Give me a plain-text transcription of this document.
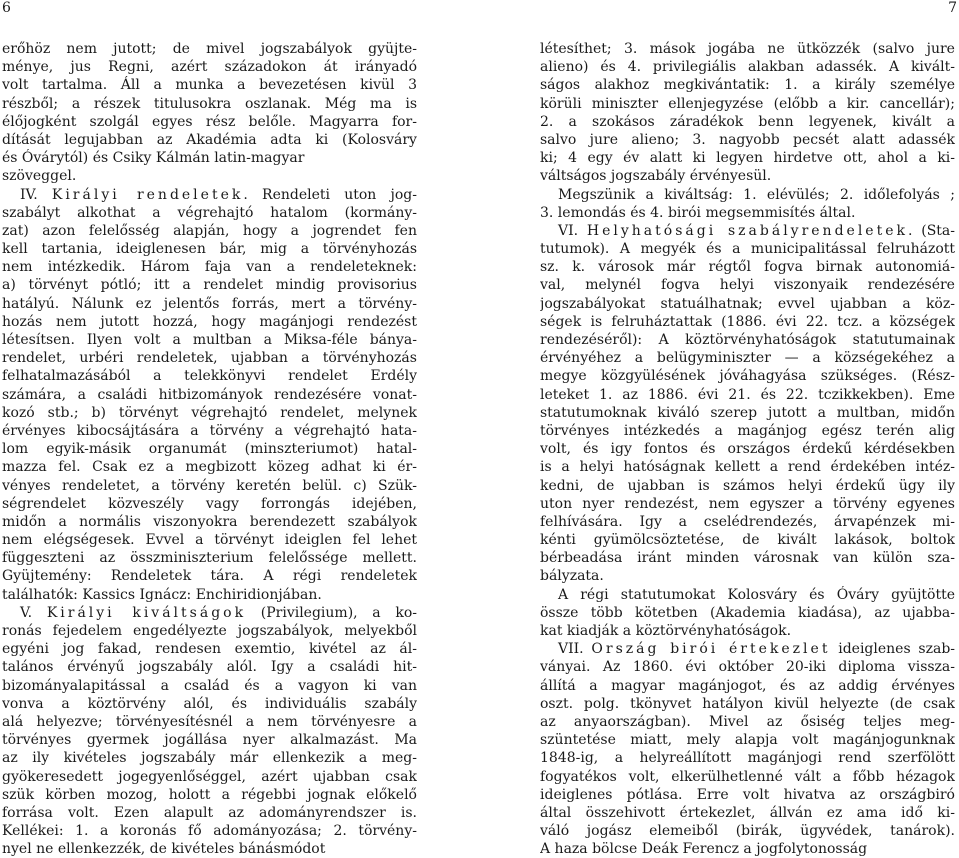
6	7
erőhöz nem jutott; de mivel jogszabályok gyüjte-
ménye, jus Regni, azért századokon át irányadó
volt tartalma. Áll a munka a bevezetésen kivül 3
részből; a részek titulusokra oszlanak. Még ma is
élőjogként szolgál egyes rész belőle. Magyarra for-
dítását legujabban az Akadémia adta ki (Kolosváry
és Óvárytól) és Csiky Kálmán latin-magyar
szöveggel.
IV. Királyi rendeletek. Rendeleti uton jog-
szabályt alkothat a végrehajtó hatalom (kormány-
zat) azon felelősség alapján, hogy a jogrendet fen
kell tartania, ideiglenesen bár, mig a törvényhozás
nem intézkedik. Három faja van a rendeleteknek:
a) törvényt pótló; itt a rendelet mindig provisorius
hatályú. Nálunk ez jelentős forrás, mert a törvény-
hozás nem jutott hozzá, hogy magánjogi rendezést
létesítsen. Ilyen volt a multban a Miksa-féle bánya-
rendelet, urbéri rendeletek, ujabban a törvényhozás
felhatalmazásából a telekkönyvi rendelet Erdély
számára, a családi hitbizományok rendezésére vonat-
kozó stb.; b) törvényt végrehajtó rendelet, melynek
érvényes kibocsájtására a törvény a végrehajtó hata-
lom egyik-másik organumát (minszteriumot) hatal-
mazza fel. Csak ez a megbizott közeg adhat ki ér-
vényes rendeletet, a törvény keretén belül. c) Szük-
ségrendelet közveszély vagy forrongás idejében,
midőn a normális viszonyokra berendezett szabályok
nem elégségesek. Evvel a törvényt ideiglen fel lehet
függeszteni az összminiszterium felelőssége mellett.
Gyüjtemény: Rendeletek tára. A régi rendeletek
találhatók: Kassics Ignácz: Enchiridionjában.
V. Királyi kiváltságok (Privilegium), a ko-
ronás fejedelem engedélyezte jogszabályok, melyekből
egyéni jog fakad, rendesen exemtio, kivétel az ál-
talános érvényű jogszabály alól. Igy a családi hit-
bizományalapitással a család és a vagyon ki van
vonva a köztörvény alól, és individuális szabály
alá helyezve; törvényesítésnél a nem törvényesre a
törvényes gyermek jogállása nyer alkalmazást. Ma
az ily kivételes jogszabály már ellenkezik a meg-
gyökeresedett jogegyenlőséggel, azért ujabban csak
szük körben mozog, holott a régebbi jognak előkelő
forrása volt. Ezen alapult az adományrendszer is.
Kellékei: 1. a koronás fő adományozása; 2. törvény-
nyel ne ellenkezzék, de kivételes bánásmódot
létesíthet; 3. mások jogába ne ütközzék (salvo jure
alieno) és 4. privilegiális alakban adassék. A kivált-
ságos alakhoz megkivántatik: 1. a király személye
körüli miniszter ellenjegyzése (előbb a kir. cancellár);
2. a szokásos záradékok benn legyenek, kivált a
salvo jure alieno; 3. nagyobb pecsét alatt adassék
ki; 4 egy év alatt ki legyen hirdetve ott, ahol a ki-
váltságos jogszabály érvényesül.
Megszünik a kiváltság: 1. elévülés; 2. időlefolyás ;
3. lemondás és 4. birói megsemmisítés által.
VI. Helyhatósági szabályrendeletek. (Sta-
tutumok). A megyék és a municipalitással felruházott
sz. k. városok már régtől fogva birnak autonomiá-
val, melynél fogva helyi viszonyaik rendezésére
jogszabályokat statuálhatnak; evvel ujabban a köz-
ségek is felruháztattak (1886. évi 22. tcz. a községek
rendezéséről): A köztörvényhatóságok statutumainak
érvényéhez a belügyminiszter — a községekéhez a
megye közgyülésének jóváhagyása szükséges. (Rész-
leteket 1. az 1886. évi 21. és 22. tczikkekben). Eme
statutumoknak kiváló szerep jutott a multban, midőn
törvényes intézkedés a magánjog egész terén alig
volt, és igy fontos és országos érdekű kérdésekben
is a helyi hatóságnak kellett a rend érdekében intéz-
kedni, de ujabban is számos helyi érdekű ügy ily
uton nyer rendezést, nem egyszer a törvény egyenes
felhívására. Igy a cselédrendezés, árvapénzek mi-
kénti gyümölcsöztetése, de kivált lakások, boltok
bérbeadása iránt minden városnak van külön sza-
bályzata.
A régi statutumokat Kolosváry és Óváry gyüjtötte
össze több kötetben (Akademia kiadása), az ujabba-
kat kiadják a köztörvényhatóságok.
VII. Ország birói értekezlet ideiglenes szab-
ványai. Az 1860. évi október 20-iki diploma vissza-
állítá a magyar magánjogot, és az addig érvényes
oszt. polg. tkönyvet hatályon kivül helyezte (de csak
az anyaországban). Mivel az ősiség teljes meg-
szüntetése miatt, mely alapja volt magánjogunknak
1848-ig, a helyreállított magánjogi rend szerfölött
fogyatékos volt, elkerülhetlenné vált a főbb hézagok
ideiglenes pótlása. Erre volt hivatva az országbiró
által összehivott értekezlet, állván ez ama idő ki-
váló jogász elemeiből (birák, ügyvédek, tanárok).
A haza bölcse Deák Ferencz a jogfolytonosság
